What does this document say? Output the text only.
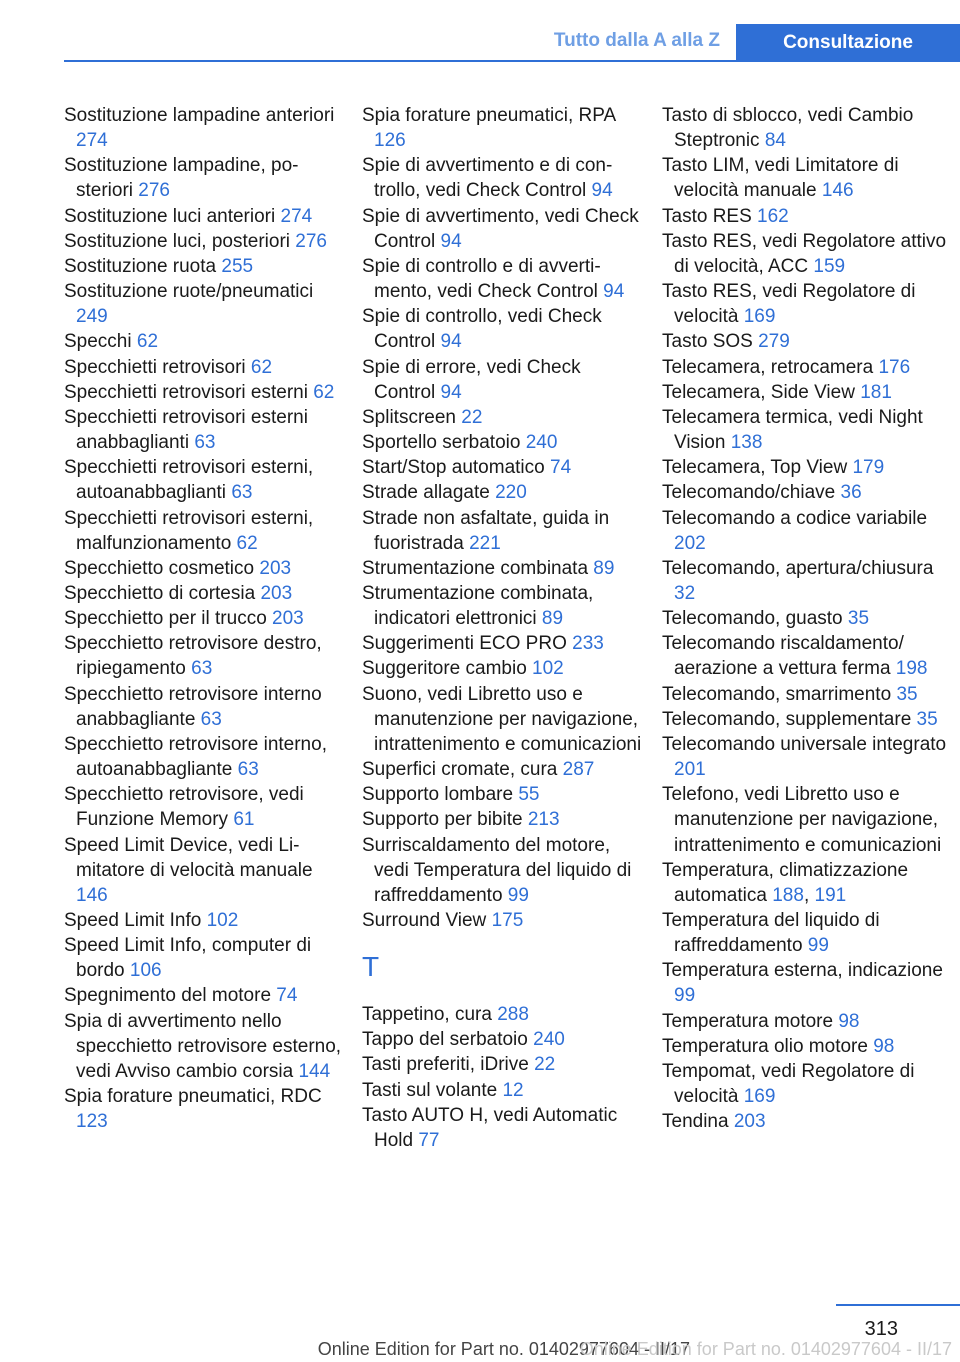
Tutto dalla A alla Z	Consultazione
Sostituzione lampadine anteriori 274
Sostituzione lampadine, posteriori 276
Sostituzione luci anteriori 274
Sostituzione luci, posteriori 276
Sostituzione ruota 255
Sostituzione ruote/pneumatici 249
Specchi 62
Specchietti retrovisori 62
Specchietti retrovisori esterni 62
Specchietti retrovisori esterni anabbaglianti 63
Specchietti retrovisori esterni, autoanabbaglianti 63
Specchietti retrovisori esterni, malfunzionamento 62
Specchietto cosmetico 203
Specchietto di cortesia 203
Specchietto per il trucco 203
Specchietto retrovisore destro, ripiegamento 63
Specchietto retrovisore interno anabbagliante 63
Specchietto retrovisore interno, autoanabbagliante 63
Specchietto retrovisore, vedi Funzione Memory 61
Speed Limit Device, vedi Limitatore di velocità manuale 146
Speed Limit Info 102
Speed Limit Info, computer di bordo 106
Spegnimento del motore 74
Spia di avvertimento nello specchietto retrovisore esterno, vedi Avviso cambio corsia 144
Spia forature pneumatici, RDC 123
Spia forature pneumatici, RPA 126
Spie di avvertimento e di controllo, vedi Check Control 94
Spie di avvertimento, vedi Check Control 94
Spie di controllo e di avvertimento, vedi Check Control 94
Spie di controllo, vedi Check Control 94
Spie di errore, vedi Check Control 94
Splitscreen 22
Sportello serbatoio 240
Start/Stop automatico 74
Strade allagate 220
Strade non asfaltate, guida in fuoristrada 221
Strumentazione combinata 89
Strumentazione combinata, indicatori elettronici 89
Suggerimenti ECO PRO 233
Suggeritore cambio 102
Suono, vedi Libretto uso e manutenzione per navigazione, intrattenimento e comunicazioni
Superfici cromate, cura 287
Supporto lombare 55
Supporto per bibite 213
Surriscaldamento del motore, vedi Temperatura del liquido di raffreddamento 99
Surround View 175
T
Tappetino, cura 288
Tappo del serbatoio 240
Tasti preferiti, iDrive 22
Tasti sul volante 12
Tasto AUTO H, vedi Automatic Hold 77
Tasto di sblocco, vedi Cambio Steptronic 84
Tasto LIM, vedi Limitatore di velocità manuale 146
Tasto RES 162
Tasto RES, vedi Regolatore attivo di velocità, ACC 159
Tasto RES, vedi Regolatore di velocità 169
Tasto SOS 279
Telecamera, retrocamera 176
Telecamera, Side View 181
Telecamera termica, vedi Night Vision 138
Telecamera, Top View 179
Telecomando/chiave 36
Telecomando a codice variabile 202
Telecomando, apertura/chiusura 32
Telecomando, guasto 35
Telecomando riscaldamento/ aerazione a vettura ferma 198
Telecomando, smarrimento 35
Telecomando, supplementare 35
Telecomando universale integrato 201
Telefono, vedi Libretto uso e manutenzione per navigazione, intrattenimento e comunicazioni
Temperatura, climatizzazione automatica 188, 191
Temperatura del liquido di raffreddamento 99
Temperatura esterna, indicazione 99
Temperatura motore 98
Temperatura olio motore 98
Tempomat, vedi Regolatore di velocità 169
Tendina 203
313
Online Edition for Part no. 01402977604 - II/17
Online Edition for Part no. 01402977604 - II/17
